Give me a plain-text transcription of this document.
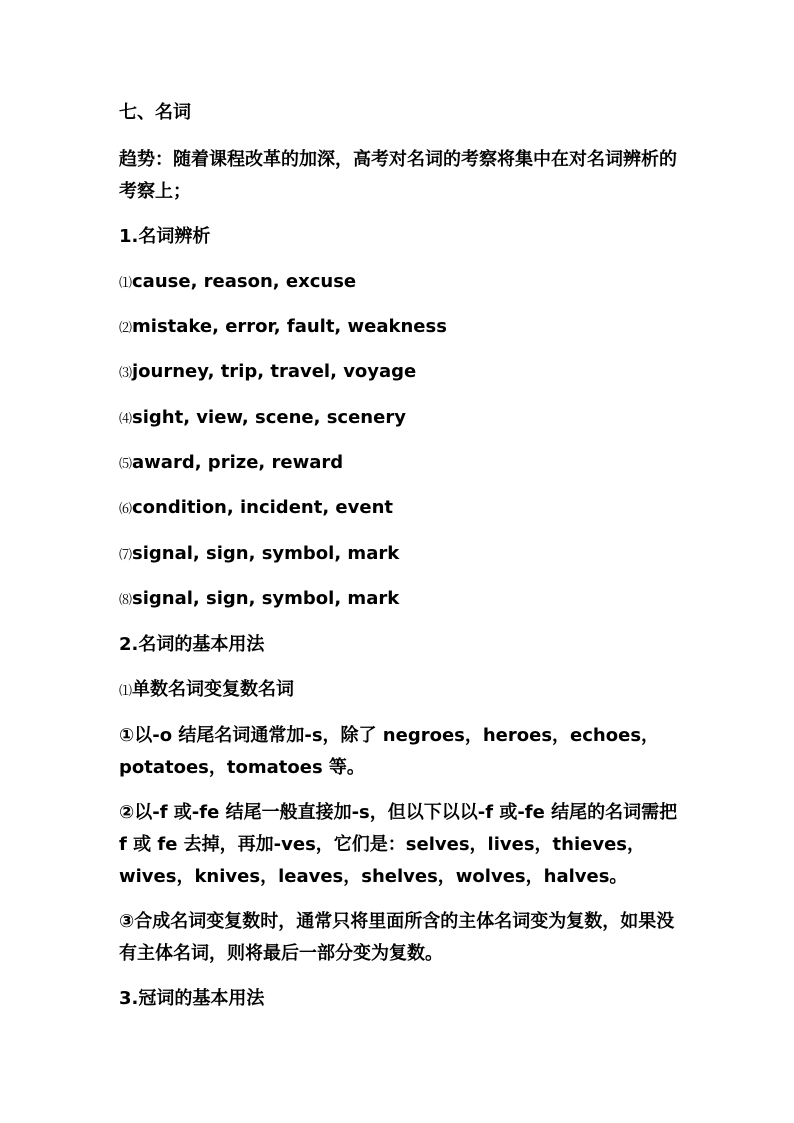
七、名词
趋势：随着课程改革的加深，高考对名词的考察将集中在对名词辨析的考察上；
1.名词辨析
⑴cause, reason, excuse
⑵mistake, error, fault, weakness
⑶journey, trip, travel, voyage
⑷sight, view, scene, scenery
⑸award, prize, reward
⑹condition, incident, event
⑺signal, sign, symbol, mark
⑻signal, sign, symbol, mark
2.名词的基本用法
⑴单数名词变复数名词
①以-o 结尾名词通常加-s，除了 negroes，heroes，echoes，potatoes，tomatoes 等。
②以-f 或-fe 结尾一般直接加-s，但以下以以-f 或-fe 结尾的名词需把 f 或 fe 去掉，再加-ves，它们是：selves，lives，thieves，wives，knives，leaves，shelves，wolves，halves。
③合成名词变复数时，通常只将里面所含的主体名词变为复数，如果没有主体名词，则将最后一部分变为复数。
3.冠词的基本用法
